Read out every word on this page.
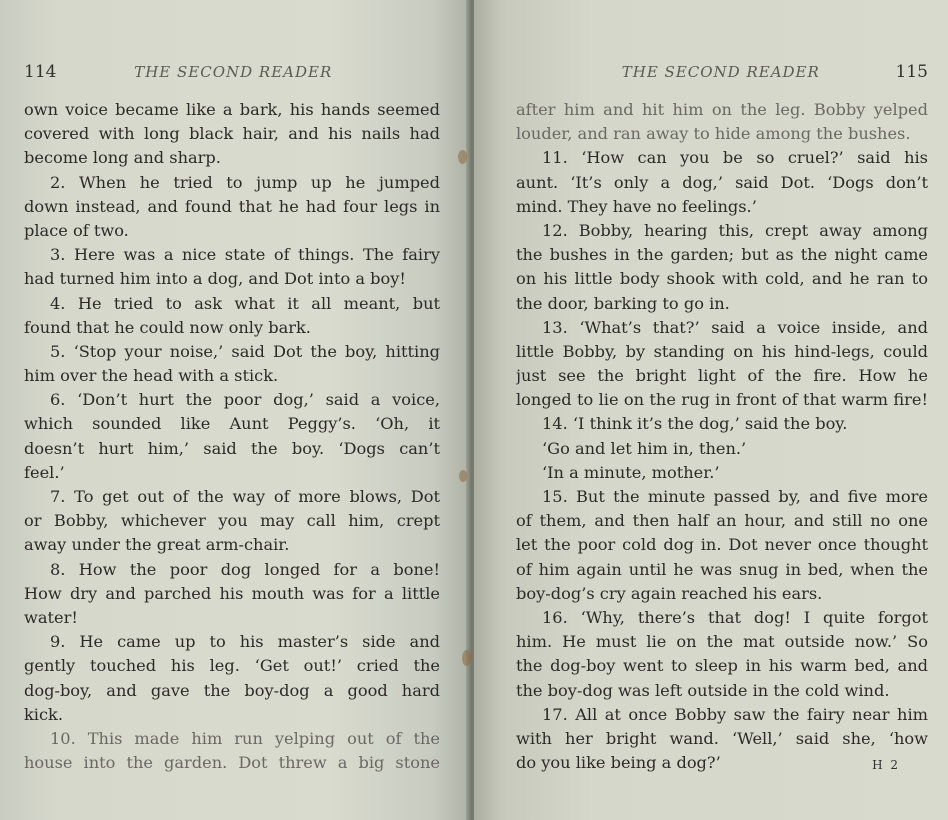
114	THE SECOND READER
own voice became like a bark, his hands seemed
covered with long black hair, and his nails had
become long and sharp.
2. When he tried to jump up he jumped
down instead, and found that he had four legs in
place of two.
3. Here was a nice state of things. The fairy
had turned him into a dog, and Dot into a boy!
4. He tried to ask what it all meant, but
found that he could now only bark.
5. ‘Stop your noise,’ said Dot the boy, hitting
him over the head with a stick.
6. ‘Don’t hurt the poor dog,’ said a voice,
which sounded like Aunt Peggy’s. ‘Oh, it
doesn’t hurt him,’ said the boy. ‘Dogs can’t
feel.’
7. To get out of the way of more blows, Dot
or Bobby, whichever you may call him, crept
away under the great arm-chair.
8. How the poor dog longed for a bone!
How dry and parched his mouth was for a little
water!
9. He came up to his master’s side and
gently touched his leg. ‘Get out!’ cried the
dog-boy, and gave the boy-dog a good hard
kick.
10. This made him run yelping out of the
house into the garden. Dot threw a big stone
THE SECOND READER	115
after him and hit him on the leg. Bobby yelped
louder, and ran away to hide among the bushes.
11. ‘How can you be so cruel?’ said his
aunt. ‘It’s only a dog,’ said Dot. ‘Dogs don’t
mind. They have no feelings.’
12. Bobby, hearing this, crept away among
the bushes in the garden; but as the night came
on his little body shook with cold, and he ran to
the door, barking to go in.
13. ‘What’s that?’ said a voice inside, and
little Bobby, by standing on his hind-legs, could
just see the bright light of the fire. How he
longed to lie on the rug in front of that warm fire!
14. ‘I think it’s the dog,’ said the boy.
‘Go and let him in, then.’
‘In a minute, mother.’
15. But the minute passed by, and five more
of them, and then half an hour, and still no one
let the poor cold dog in. Dot never once thought
of him again until he was snug in bed, when the
boy-dog’s cry again reached his ears.
16. ‘Why, there’s that dog! I quite forgot
him. He must lie on the mat outside now.’ So
the dog-boy went to sleep in his warm bed, and
the boy-dog was left outside in the cold wind.
17. All at once Bobby saw the fairy near him
with her bright wand. ‘Well,’ said she, ‘how
do you like being a dog?’	H 2
